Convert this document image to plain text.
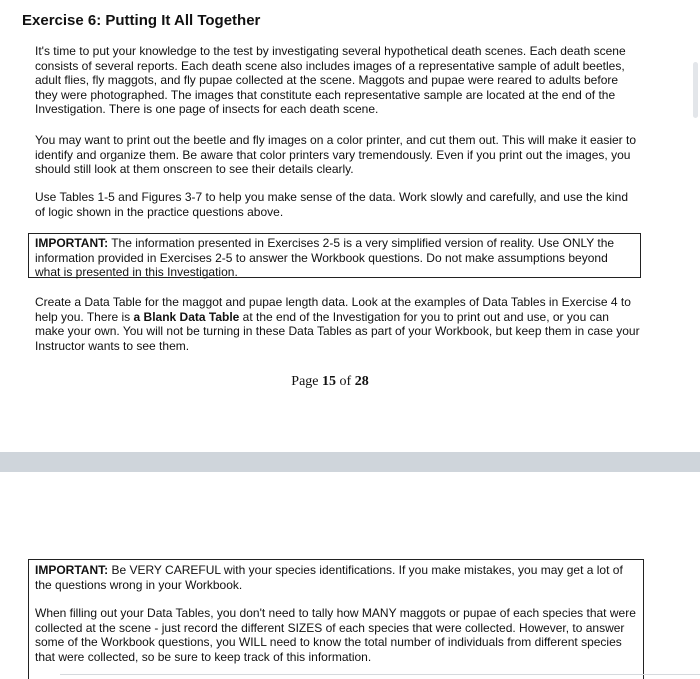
Exercise 6: Putting It All Together
It's time to put your knowledge to the test by investigating several hypothetical death scenes. Each death scene consists of several reports. Each death scene also includes images of a representative sample of adult beetles, adult flies, fly maggots, and fly pupae collected at the scene. Maggots and pupae were reared to adults before they were photographed. The images that constitute each representative sample are located at the end of the Investigation. There is one page of insects for each death scene.
You may want to print out the beetle and fly images on a color printer, and cut them out. This will make it easier to identify and organize them. Be aware that color printers vary tremendously. Even if you print out the images, you should still look at them onscreen to see their details clearly.
Use Tables 1-5 and Figures 3-7 to help you make sense of the data. Work slowly and carefully, and use the kind of logic shown in the practice questions above.
IMPORTANT: The information presented in Exercises 2-5 is a very simplified version of reality. Use ONLY the information provided in Exercises 2-5 to answer the Workbook questions. Do not make assumptions beyond what is presented in this Investigation.
Create a Data Table for the maggot and pupae length data. Look at the examples of Data Tables in Exercise 4 to help you. There is a Blank Data Table at the end of the Investigation for you to print out and use, or you can make your own. You will not be turning in these Data Tables as part of your Workbook, but keep them in case your Instructor wants to see them.
Page 15 of 28

IMPORTANT: Be VERY CAREFUL with your species identifications. If you make mistakes, you may get a lot of the questions wrong in your Workbook.

When filling out your Data Tables, you don't need to tally how MANY maggots or pupae of each species that were collected at the scene - just record the different SIZES of each species that were collected. However, to answer some of the Workbook questions, you WILL need to know the total number of individuals from different species that were collected, so be sure to keep track of this information.
